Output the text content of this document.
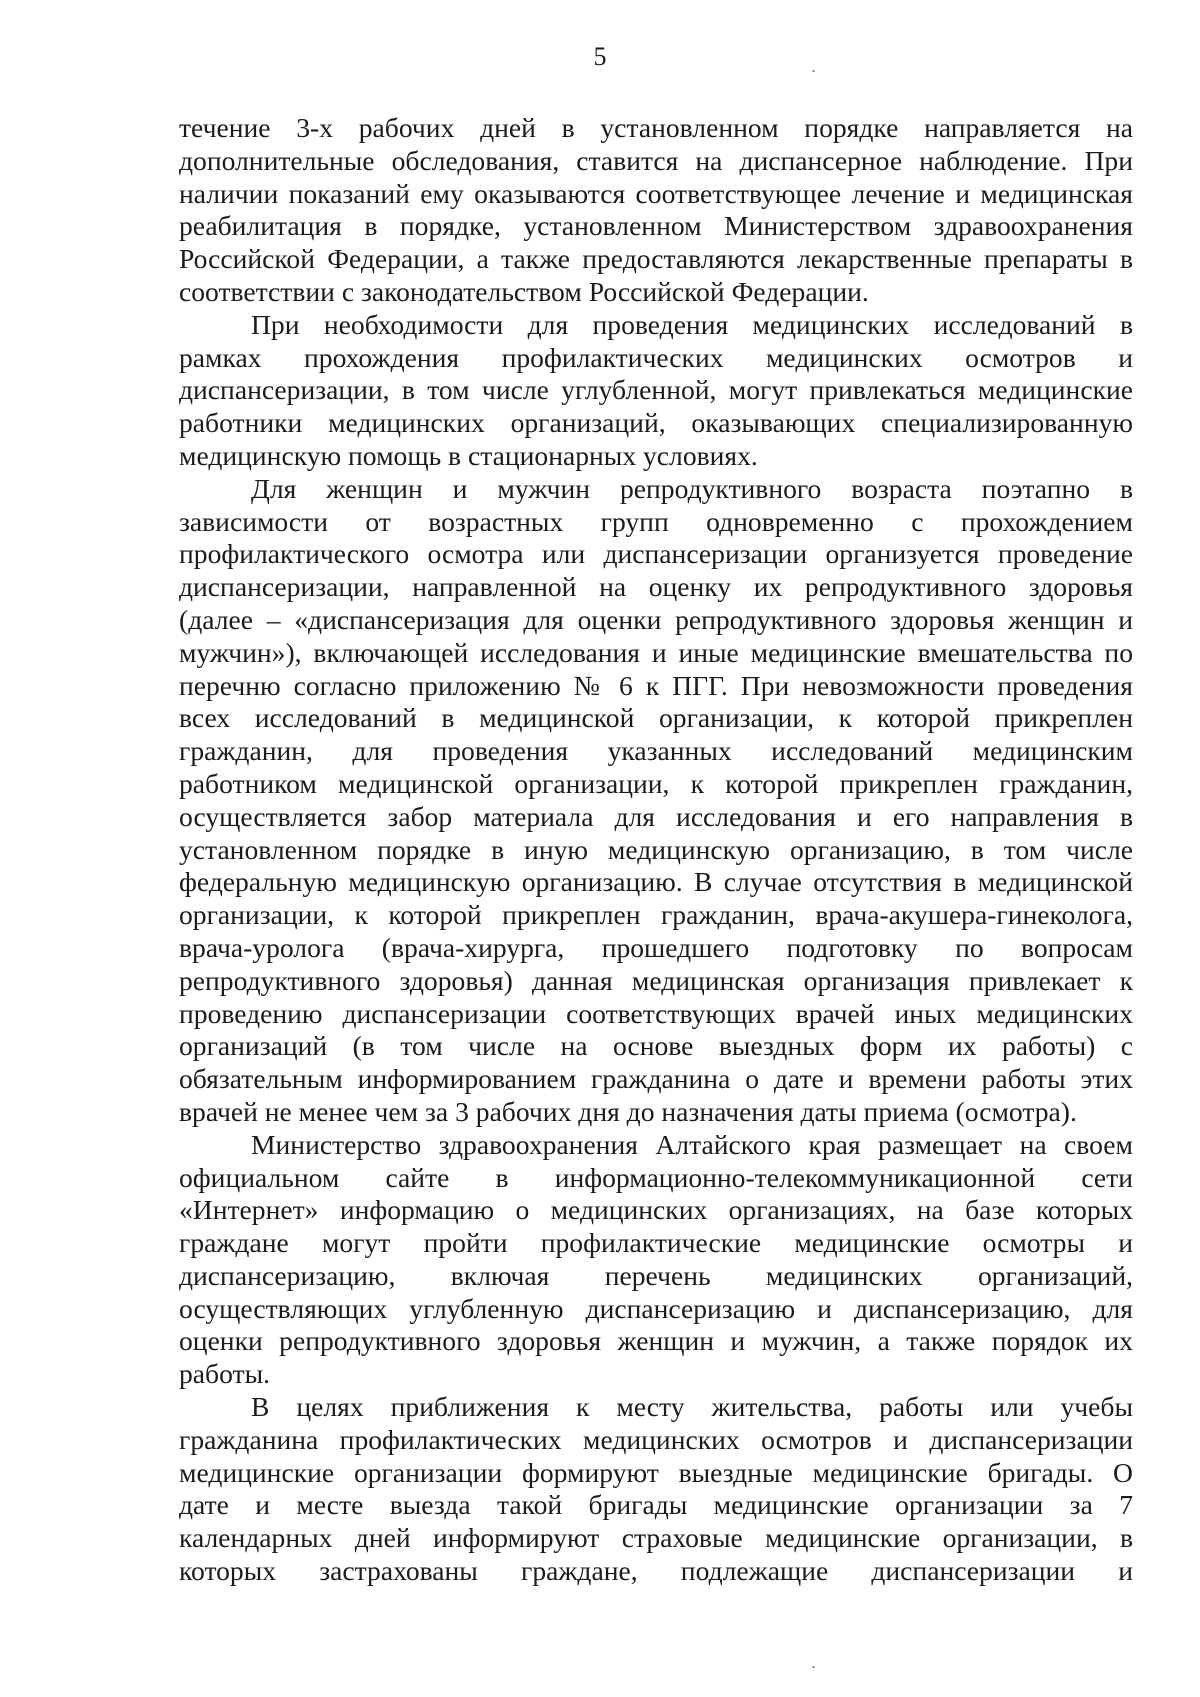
5

течение 3-х рабочих дней в установленном порядке направляется на
дополнительные обследования, ставится на диспансерное наблюдение. При
наличии показаний ему оказываются соответствующее лечение и медицинская
реабилитация в порядке, установленном Министерством здравоохранения
Российской Федерации, а также предоставляются лекарственные препараты в
соответствии с законодательством Российской Федерации.

При необходимости для проведения медицинских исследований в
рамках прохождения профилактических медицинских осмотров и
диспансеризации, в том числе углубленной, могут привлекаться медицинские
работники медицинских организаций, оказывающих специализированную
медицинскую помощь в стационарных условиях.

Для женщин и мужчин репродуктивного возраста поэтапно в
зависимости от возрастных групп одновременно с прохождением
профилактического осмотра или диспансеризации организуется проведение
диспансеризации, направленной на оценку их репродуктивного здоровья
(далее – «диспансеризация для оценки репродуктивного здоровья женщин и
мужчин»), включающей исследования и иные медицинские вмешательства по
перечню согласно приложению № 6 к ПГГ. При невозможности проведения
всех исследований в медицинской организации, к которой прикреплен
гражданин, для проведения указанных исследований медицинским
работником медицинской организации, к которой прикреплен гражданин,
осуществляется забор материала для исследования и его направления в
установленном порядке в иную медицинскую организацию, в том числе
федеральную медицинскую организацию. В случае отсутствия в медицинской
организации, к которой прикреплен гражданин, врача-акушера-гинеколога,
врача-уролога (врача-хирурга, прошедшего подготовку по вопросам
репродуктивного здоровья) данная медицинская организация привлекает к
проведению диспансеризации соответствующих врачей иных медицинских
организаций (в том числе на основе выездных форм их работы) с
обязательным информированием гражданина о дате и времени работы этих
врачей не менее чем за 3 рабочих дня до назначения даты приема (осмотра).

Министерство здравоохранения Алтайского края размещает на своем
официальном сайте в информационно-телекоммуникационной сети
«Интернет» информацию о медицинских организациях, на базе которых
граждане могут пройти профилактические медицинские осмотры и
диспансеризацию, включая перечень медицинских организаций,
осуществляющих углубленную диспансеризацию и диспансеризацию, для
оценки репродуктивного здоровья женщин и мужчин, а также порядок их
работы.

В целях приближения к месту жительства, работы или учебы
гражданина профилактических медицинских осмотров и диспансеризации
медицинские организации формируют выездные медицинские бригады. О
дате и месте выезда такой бригады медицинские организации за 7
календарных дней информируют страховые медицинские организации, в
которых застрахованы граждане, подлежащие диспансеризации и
